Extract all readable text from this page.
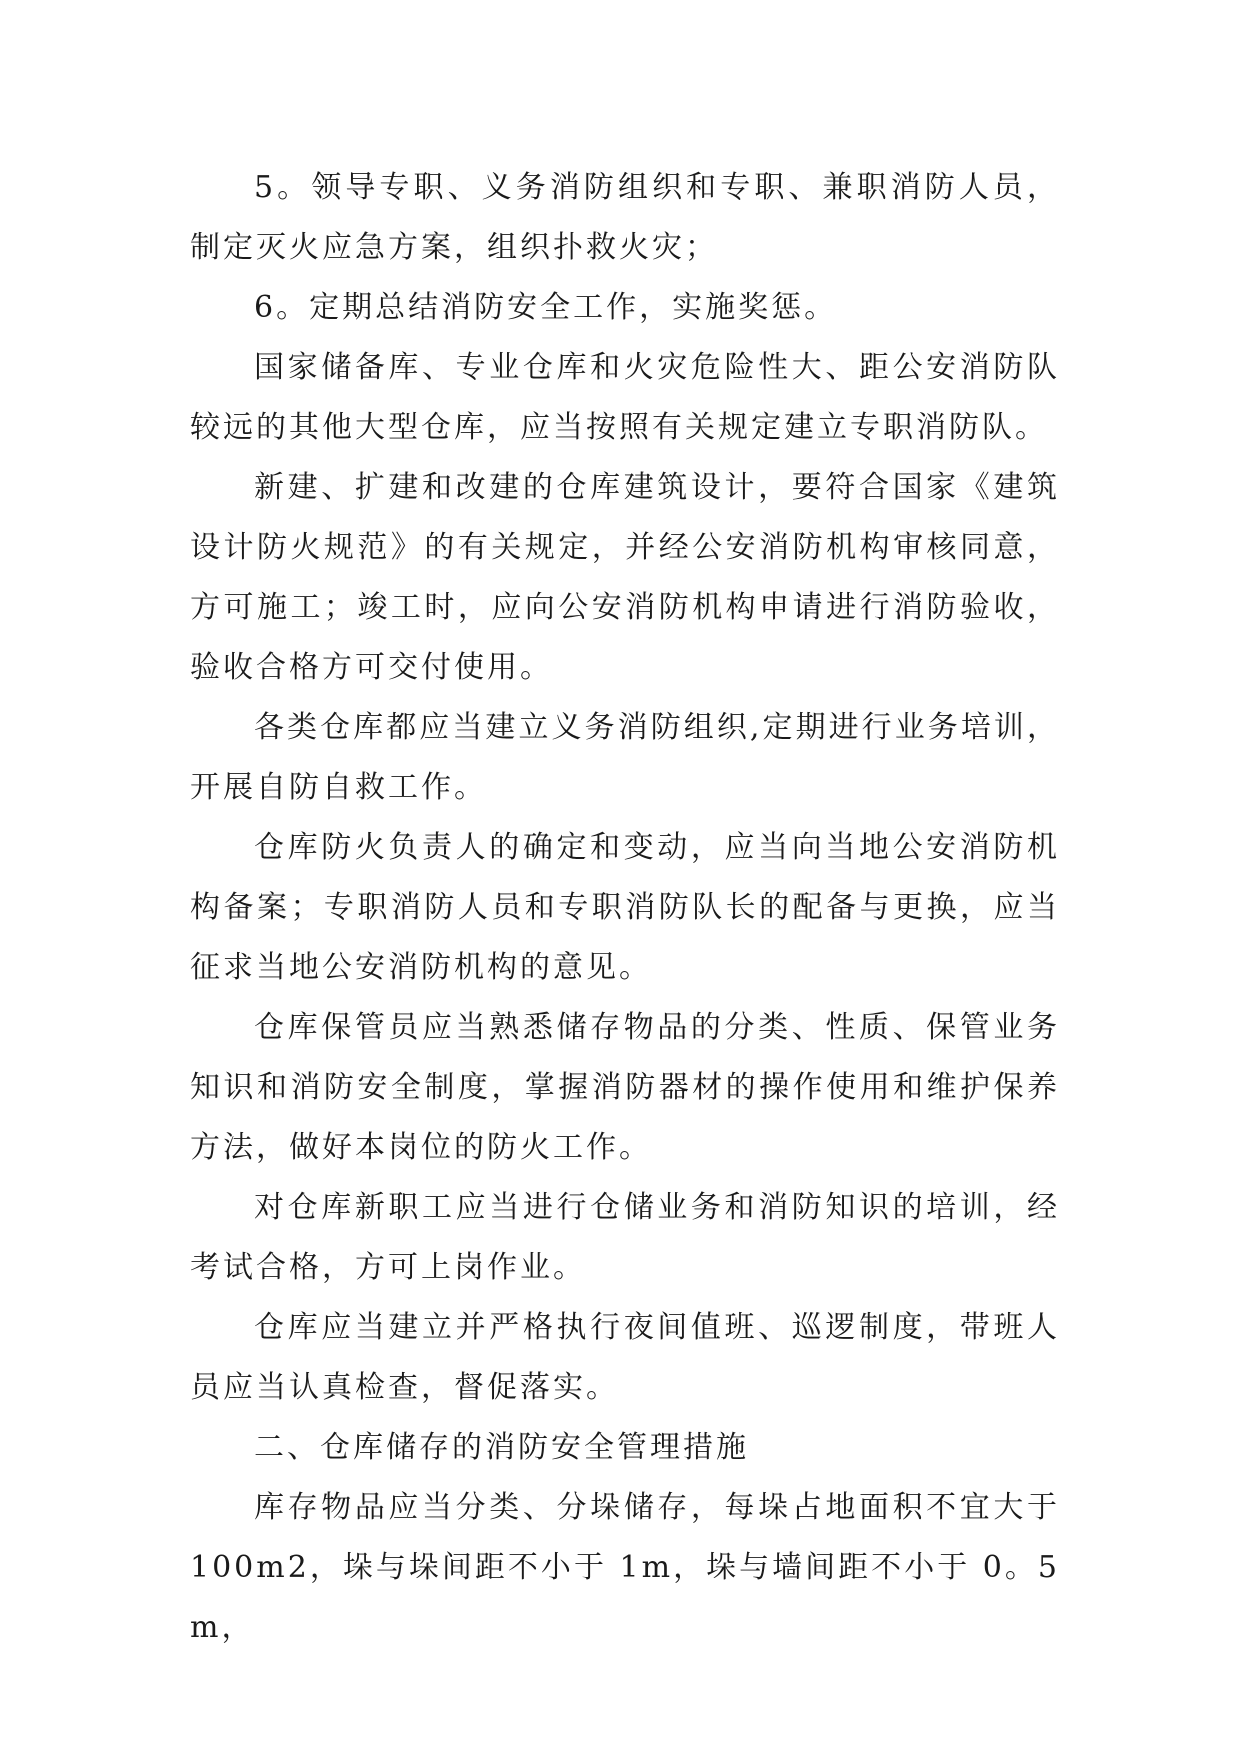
5。领导专职、义务消防组织和专职、兼职消防人员，制定灭火应急方案，组织扑救火灾；

6。定期总结消防安全工作，实施奖惩。

国家储备库、专业仓库和火灾危险性大、距公安消防队较远的其他大型仓库，应当按照有关规定建立专职消防队。

新建、扩建和改建的仓库建筑设计，要符合国家《建筑设计防火规范》的有关规定，并经公安消防机构审核同意，方可施工；竣工时，应向公安消防机构申请进行消防验收，验收合格方可交付使用。

各类仓库都应当建立义务消防组织,定期进行业务培训，开展自防自救工作。

仓库防火负责人的确定和变动，应当向当地公安消防机构备案；专职消防人员和专职消防队长的配备与更换，应当征求当地公安消防机构的意见。

仓库保管员应当熟悉储存物品的分类、性质、保管业务知识和消防安全制度，掌握消防器材的操作使用和维护保养方法，做好本岗位的防火工作。

对仓库新职工应当进行仓储业务和消防知识的培训，经考试合格，方可上岗作业。

仓库应当建立并严格执行夜间值班、巡逻制度，带班人员应当认真检查，督促落实。

二、仓库储存的消防安全管理措施

库存物品应当分类、分垛储存，每垛占地面积不宜大于100m2，垛与垛间距不小于 1m，垛与墙间距不小于 0。5m，
